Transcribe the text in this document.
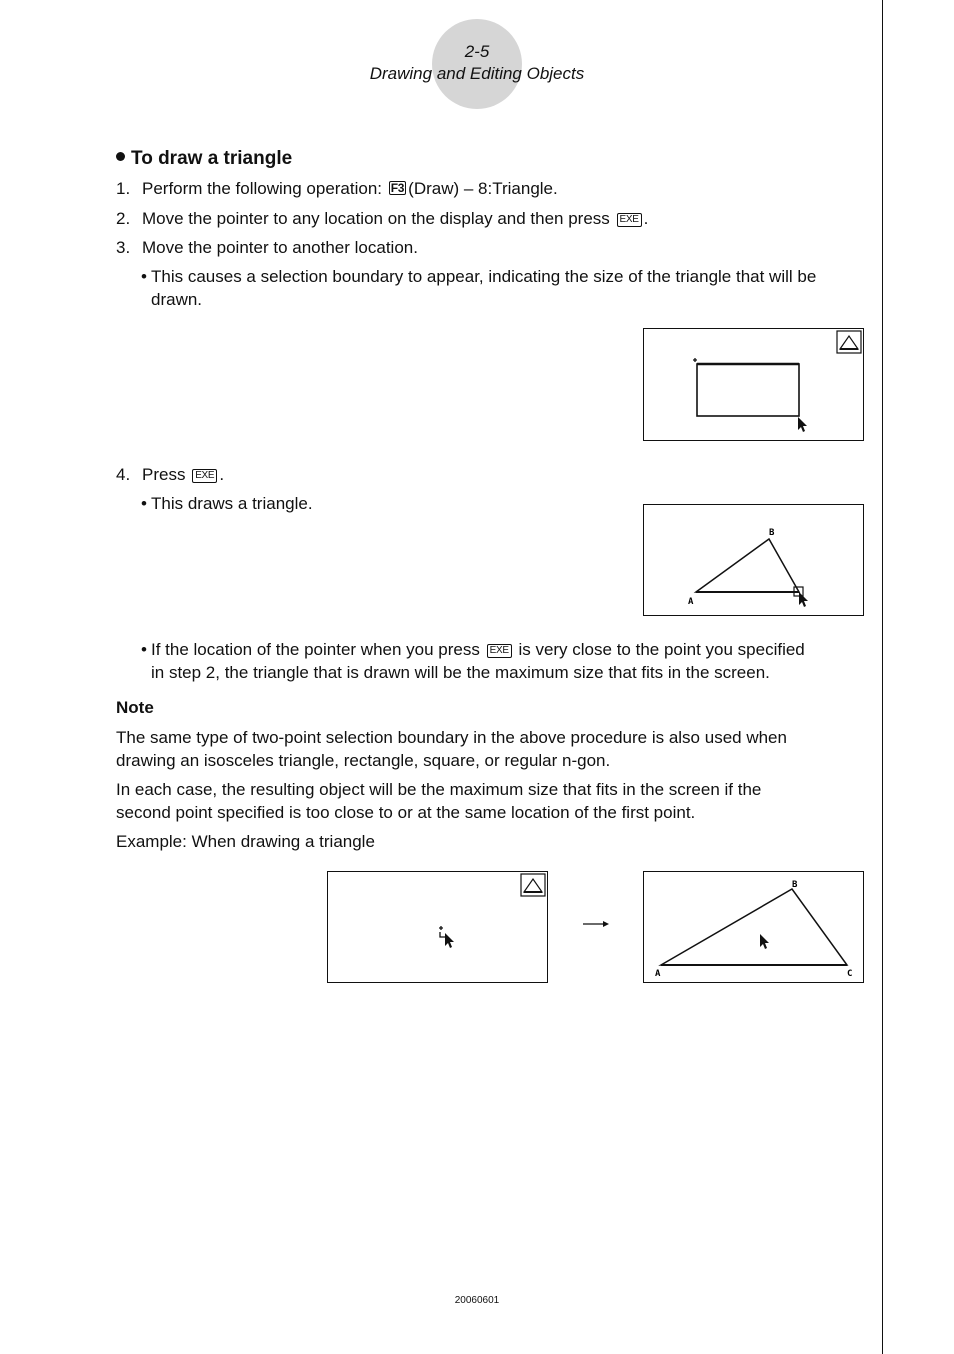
2-5
Drawing and Editing Objects
To draw a triangle
1. Perform the following operation: F3 (Draw) – 8:Triangle.
2. Move the pointer to any location on the display and then press EXE .
3. Move the pointer to another location.
• This causes a selection boundary to appear, indicating the size of the triangle that will be
drawn.
4. Press EXE .
• This draws a triangle.
A
B
• If the location of the pointer when you press EXE is very close to the point you specified
in step 2, the triangle that is drawn will be the maximum size that fits in the screen.
Note
The same type of two-point selection boundary in the above procedure is also used when
drawing an isosceles triangle, rectangle, square, or regular n-gon.
In each case, the resulting object will be the maximum size that fits in the screen if the
second point specified is too close to or at the same location of the first point.
Example: When drawing a triangle
A
B
C
20060601
